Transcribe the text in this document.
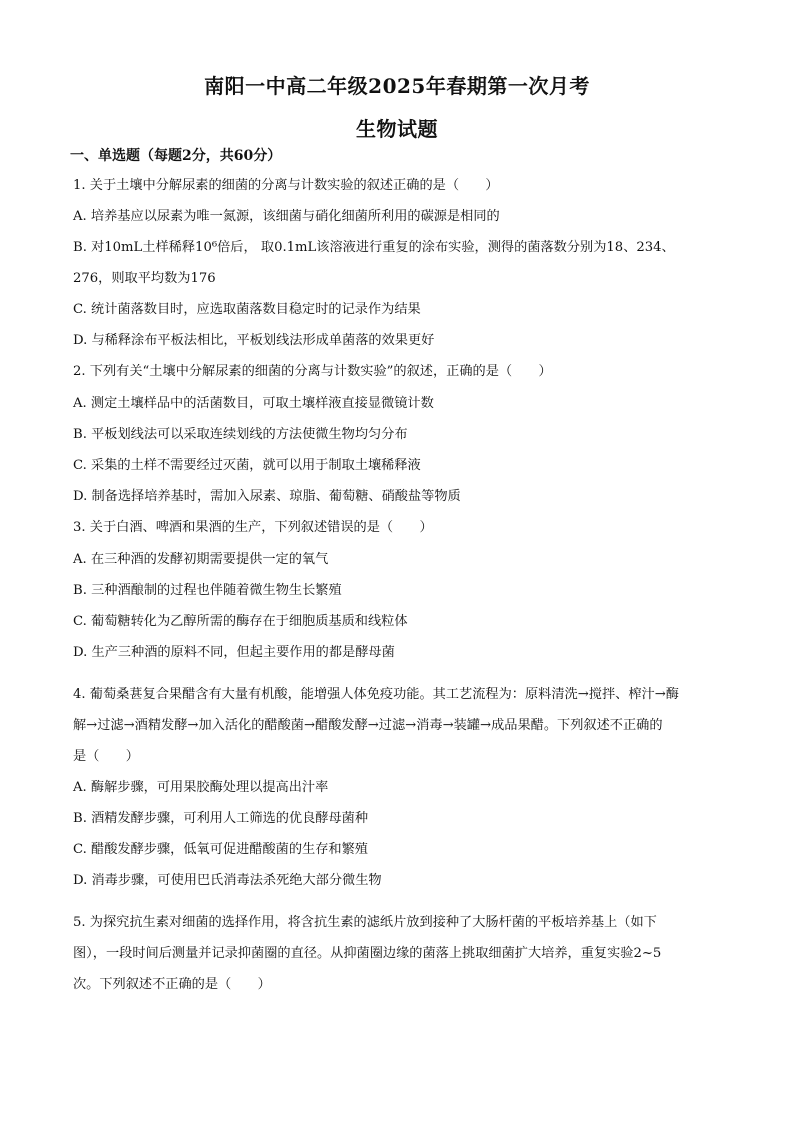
南阳一中高二年级2025年春期第一次月考
生物试题
一、单选题（每题2分，共60分）
1. 关于土壤中分解尿素的细菌的分离与计数实验的叙述正确的是（　　）
A. 培养基应以尿素为唯一氮源，该细菌与硝化细菌所利用的碳源是相同的
B. 对10mL土样稀释10⁶倍后， 取0.1mL该溶液进行重复的涂布实验，测得的菌落数分别为18、234、
276，则取平均数为176
C. 统计菌落数目时，应选取菌落数目稳定时的记录作为结果
D. 与稀释涂布平板法相比，平板划线法形成单菌落的效果更好
2. 下列有关“土壤中分解尿素的细菌的分离与计数实验”的叙述，正确的是（　　）
A. 测定土壤样品中的活菌数目，可取土壤样液直接显微镜计数
B. 平板划线法可以采取连续划线的方法使微生物均匀分布
C. 采集的土样不需要经过灭菌，就可以用于制取土壤稀释液
D. 制备选择培养基时，需加入尿素、琼脂、葡萄糖、硝酸盐等物质
3. 关于白酒、啤酒和果酒的生产，下列叙述错误的是（　　）
A. 在三种酒的发酵初期需要提供一定的氧气
B. 三种酒酿制的过程也伴随着微生物生长繁殖
C. 葡萄糖转化为乙醇所需的酶存在于细胞质基质和线粒体
D. 生产三种酒的原料不同，但起主要作用的都是酵母菌
4. 葡萄桑葚复合果醋含有大量有机酸，能增强人体免疫功能。其工艺流程为：原料清洗→搅拌、榨汁→酶
解→过滤→酒精发酵→加入活化的醋酸菌→醋酸发酵→过滤→消毒→装罐→成品果醋。下列叙述不正确的
是（　　）
A. 酶解步骤，可用果胶酶处理以提高出汁率
B. 酒精发酵步骤，可利用人工筛选的优良酵母菌种
C. 醋酸发酵步骤，低氧可促进醋酸菌的生存和繁殖
D. 消毒步骤，可使用巴氏消毒法杀死绝大部分微生物
5. 为探究抗生素对细菌的选择作用，将含抗生素的滤纸片放到接种了大肠杆菌的平板培养基上（如下
图），一段时间后测量并记录抑菌圈的直径。从抑菌圈边缘的菌落上挑取细菌扩大培养，重复实验2~5
次。下列叙述不正确的是（　　）
